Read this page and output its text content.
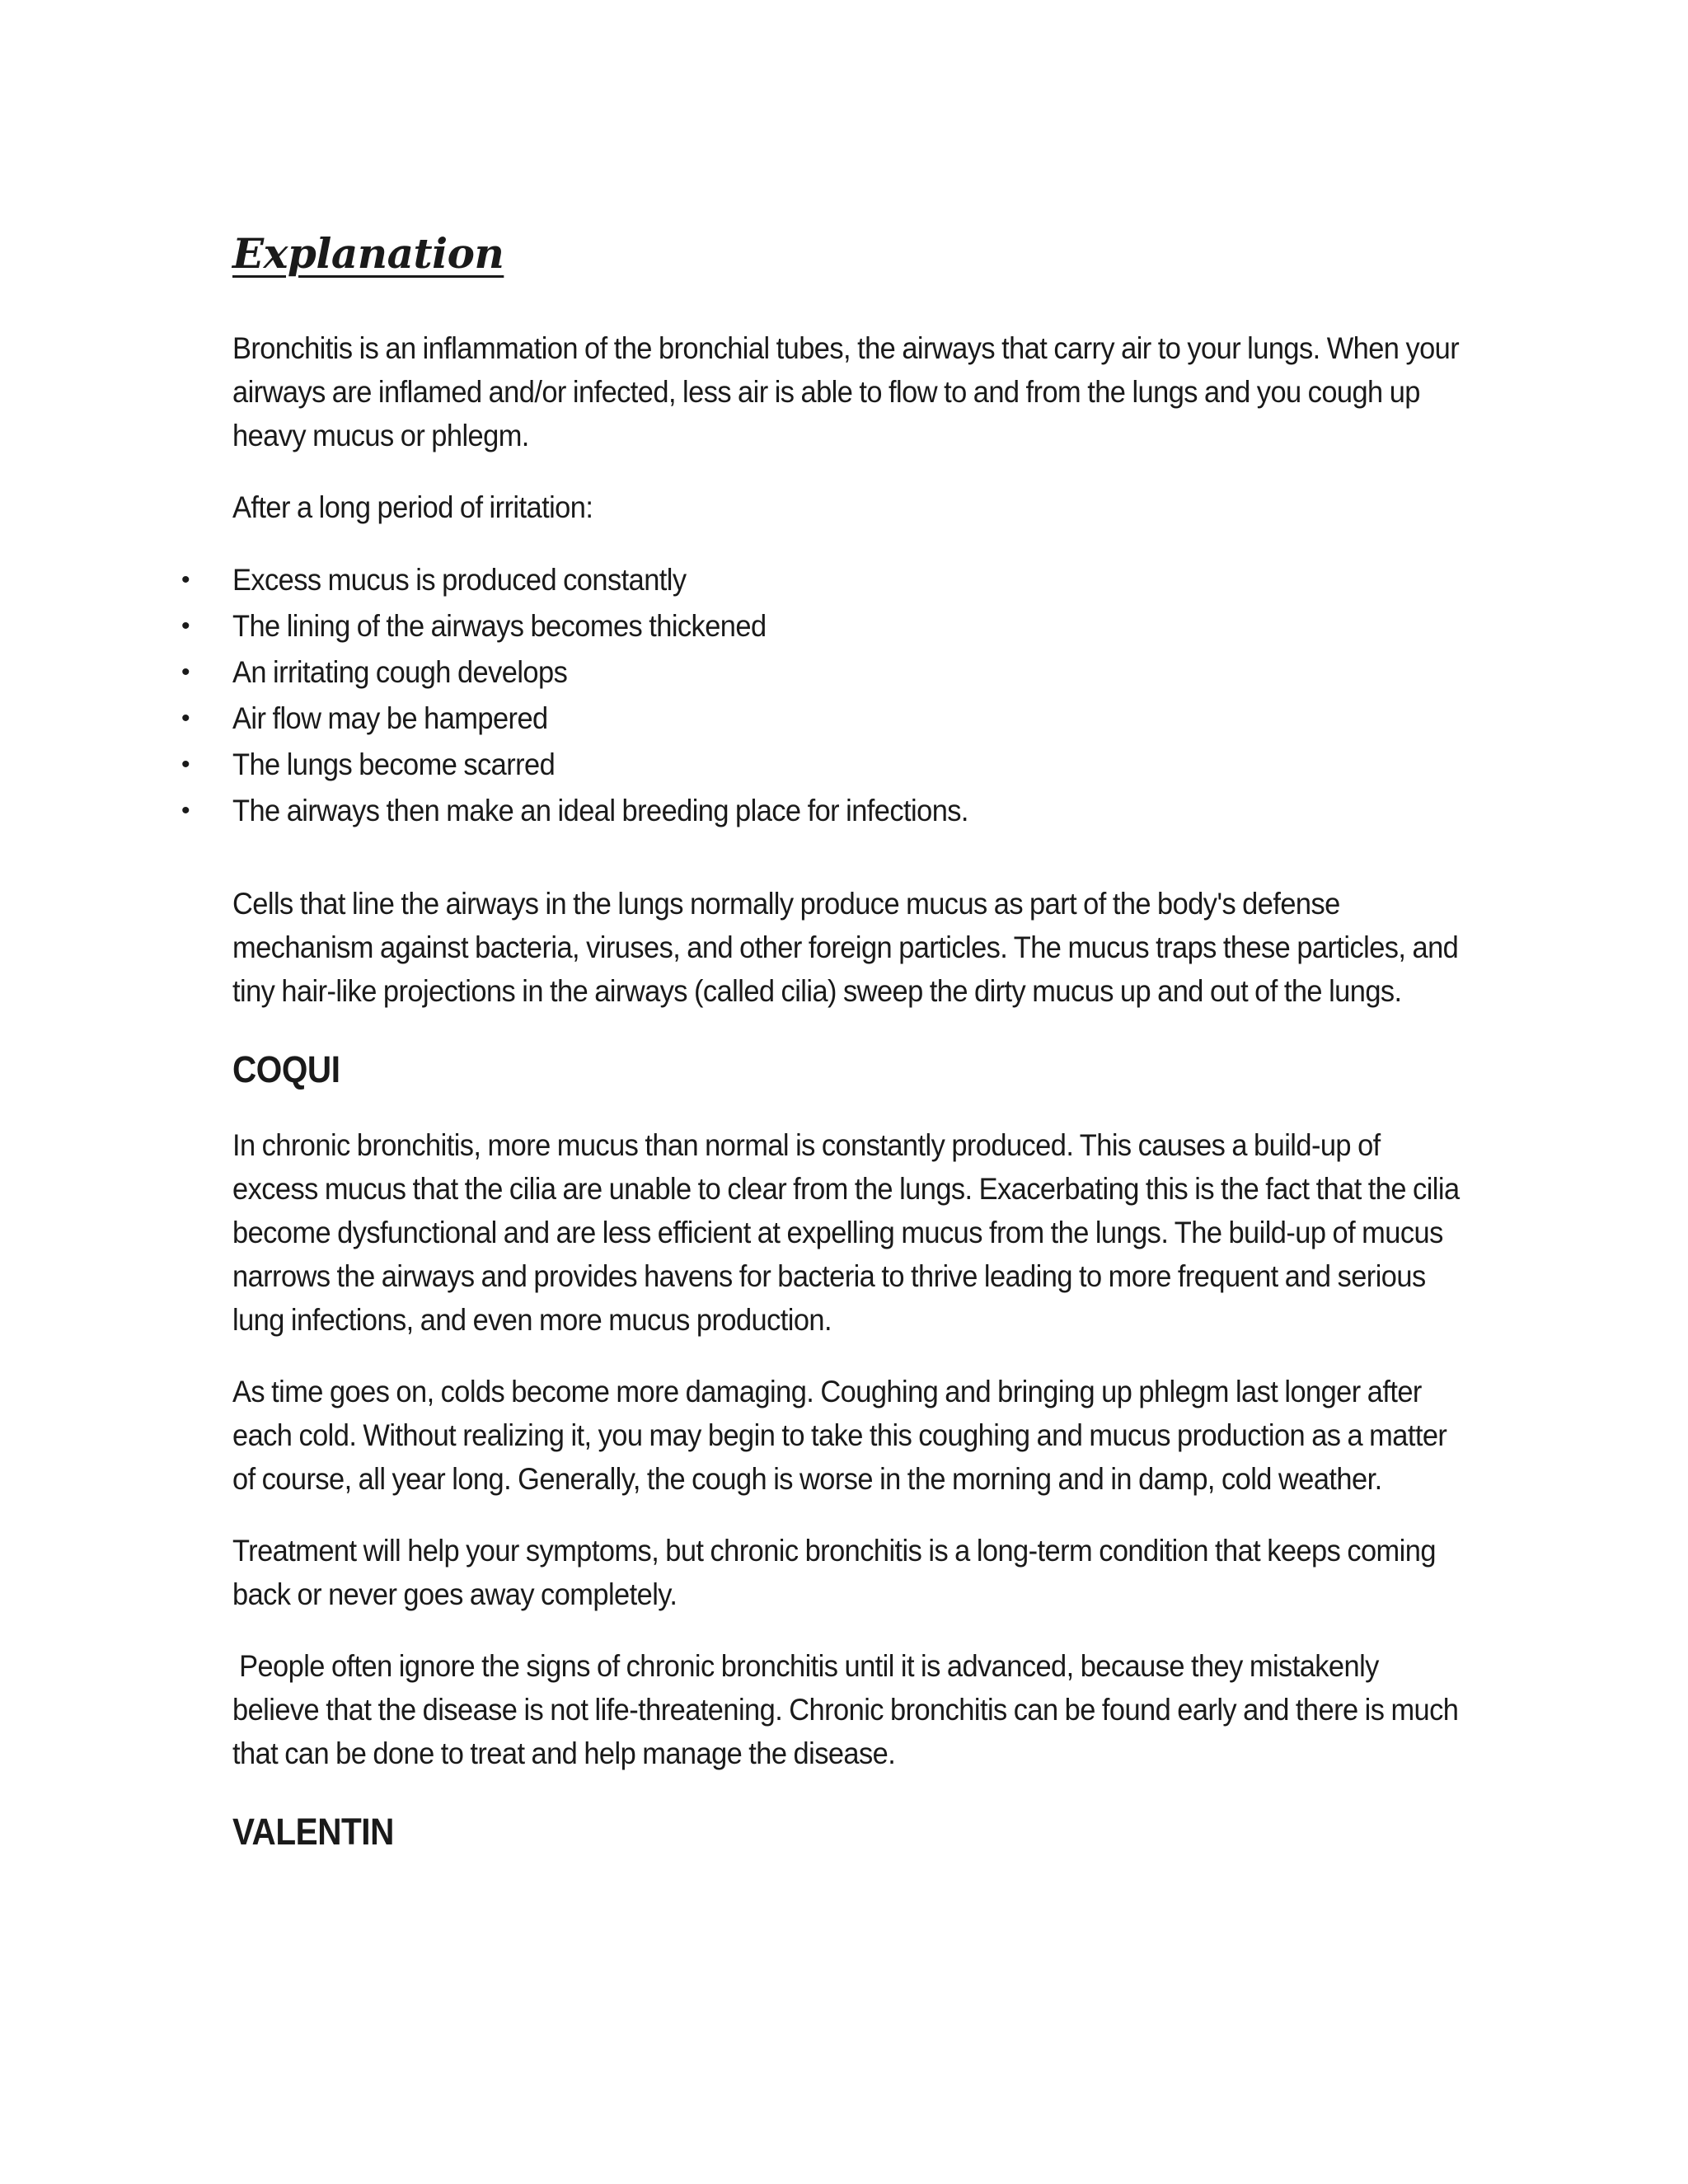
Explanation

Bronchitis is an inflammation of the bronchial tubes, the airways that carry air to your lungs. When your airways are inflamed and/or infected, less air is able to flow to and from the lungs and you cough up heavy mucus or phlegm.

After a long period of irritation:

• Excess mucus is produced constantly
• The lining of the airways becomes thickened
• An irritating cough develops
• Air flow may be hampered
• The lungs become scarred
• The airways then make an ideal breeding place for infections.

Cells that line the airways in the lungs normally produce mucus as part of the body's defense mechanism against bacteria, viruses, and other foreign particles. The mucus traps these particles, and tiny hair-like projections in the airways (called cilia) sweep the dirty mucus up and out of the lungs.

COQUI

In chronic bronchitis, more mucus than normal is constantly produced. This causes a build-up of excess mucus that the cilia are unable to clear from the lungs. Exacerbating this is the fact that the cilia become dysfunctional and are less efficient at expelling mucus from the lungs. The build-up of mucus narrows the airways and provides havens for bacteria to thrive leading to more frequent and serious lung infections, and even more mucus production.

As time goes on, colds become more damaging. Coughing and bringing up phlegm last longer after each cold. Without realizing it, you may begin to take this coughing and mucus production as a matter of course, all year long. Generally, the cough is worse in the morning and in damp, cold weather.

Treatment will help your symptoms, but chronic bronchitis is a long-term condition that keeps coming back or never goes away completely.

People often ignore the signs of chronic bronchitis until it is advanced, because they mistakenly believe that the disease is not life-threatening. Chronic bronchitis can be found early and there is much that can be done to treat and help manage the disease.

VALENTIN
